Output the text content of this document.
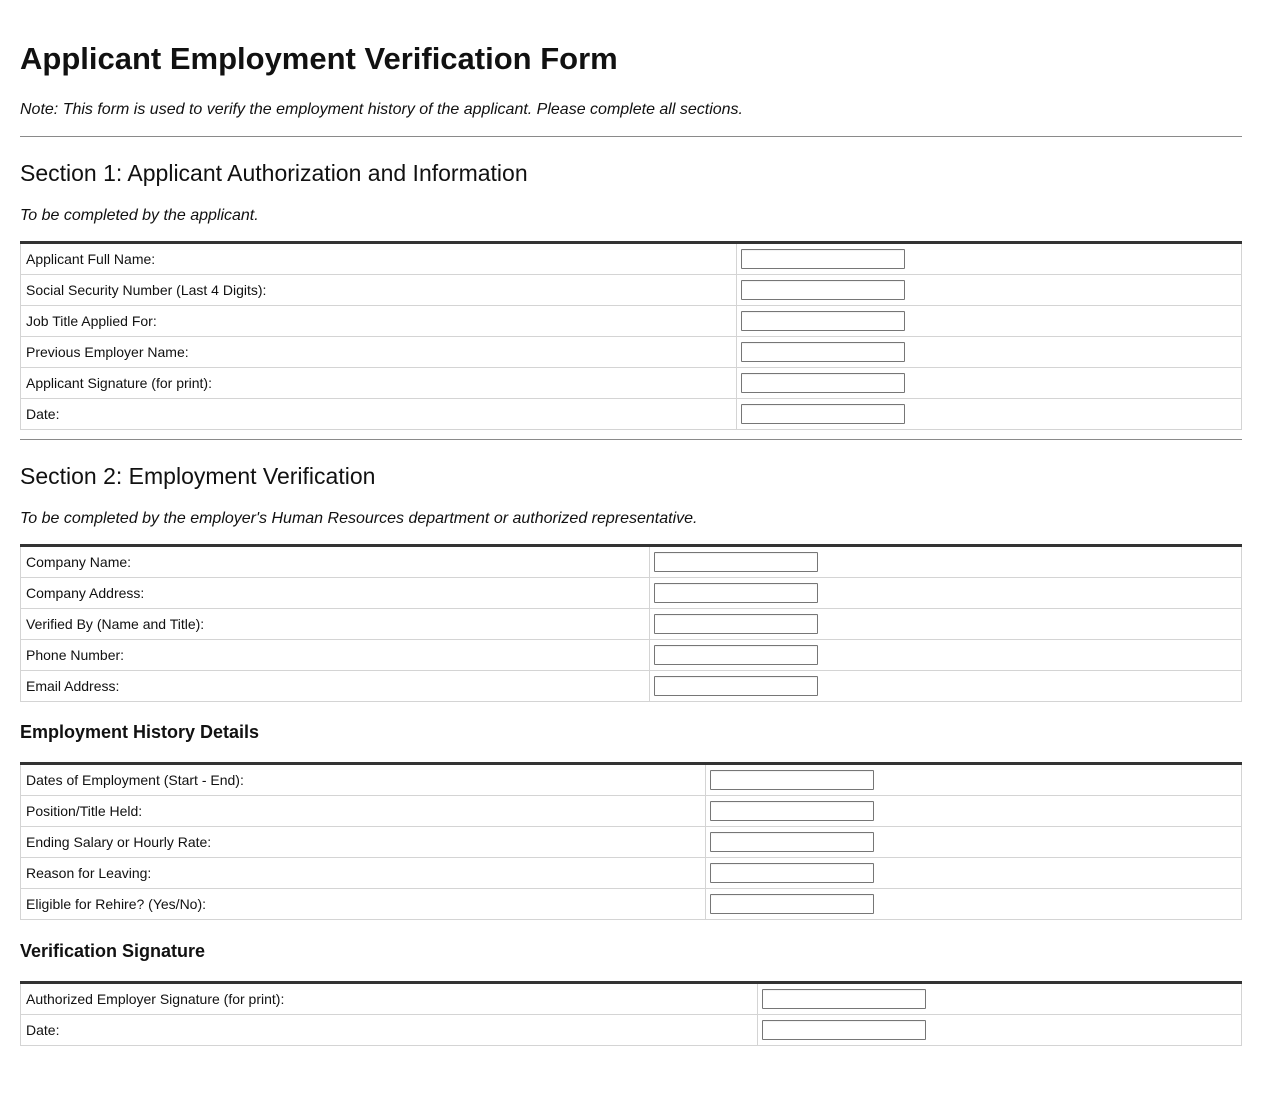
Applicant Employment Verification Form

Note: This form is used to verify the employment history of the applicant. Please complete all sections.

Section 1: Applicant Authorization and Information

To be completed by the applicant.

Applicant Full Name:	

Social Security Number (Last 4 Digits):	

Job Title Applied For:	

Previous Employer Name:	

Applicant Signature (for print):	

Date:	
Section 2: Employment Verification

To be completed by the employer's Human Resources department or authorized representative.

Company Name:	

Company Address:	

Verified By (Name and Title):	

Phone Number:	

Email Address:	
Employment History Details
Dates of Employment (Start - End):	

Position/Title Held:	

Ending Salary or Hourly Rate:	

Reason for Leaving:	

Eligible for Rehire? (Yes/No):	
Verification Signature
Authorized Employer Signature (for print):	

Date:	
